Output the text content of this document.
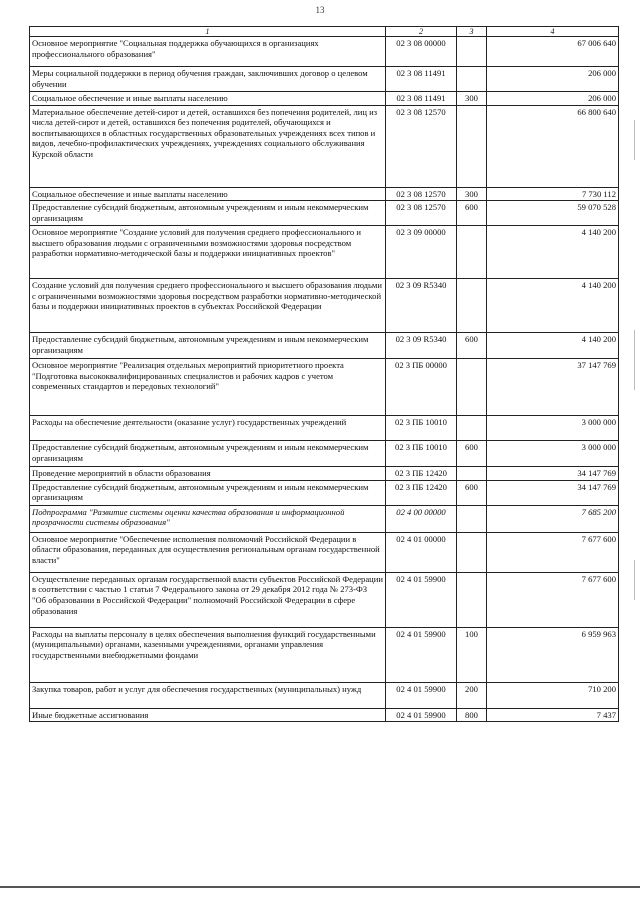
13
1	2	3	4
Основное мероприятие "Социальная поддержка обучающихся в организациях профессионального образования"	02 3 08 00000		67 006 640
Меры социальной поддержки в период обучения граждан, заключивших договор о целевом обучении	02 3 08 11491		206 000
Социальное обеспечение и иные выплаты населению	02 3 08 11491	300	206 000
Материальное обеспечение детей-сирот и детей, оставшихся без попечения родителей, лиц из числа детей-сирот и детей, оставшихся без попечения родителей, обучающихся и воспитывающихся в областных государственных образовательных учреждениях всех типов и видов, лечебно-профилактических учреждениях, учреждениях социального обслуживания Курской области	02 3 08 12570		66 800 640
Социальное обеспечение и иные выплаты населению	02 3 08 12570	300	7 730 112
Предоставление субсидий бюджетным, автономным учреждениям и иным некоммерческим организациям	02 3 08 12570	600	59 070 528
Основное мероприятие "Создание условий для получения среднего профессионального и высшего образования людьми с ограниченными возможностями здоровья посредством разработки нормативно-методической базы и поддержки инициативных проектов"	02 3 09 00000		4 140 200
Создание условий для получения среднего профессионального и высшего образования людьми с ограниченными возможностями здоровья посредством разработки нормативно-методической базы и поддержки инициативных проектов в субъектах Российской Федерации	02 3 09 R5340		4 140 200
Предоставление субсидий бюджетным, автономным учреждениям и иным некоммерческим организациям	02 3 09 R5340	600	4 140 200
Основное мероприятие "Реализация отдельных мероприятий приоритетного проекта "Подготовка высококвалифицированных специалистов и рабочих кадров с учетом современных стандартов и передовых технологий"	02 3 ПБ 00000		37 147 769
Расходы на обеспечение деятельности (оказание услуг) государственных учреждений	02 3 ПБ 10010		3 000 000
Предоставление субсидий бюджетным, автономным учреждениям и иным некоммерческим организациям	02 3 ПБ 10010	600	3 000 000
Проведение мероприятий в области образования	02 3 ПБ 12420		34 147 769
Предоставление субсидий бюджетным, автономным учреждениям и иным некоммерческим организациям	02 3 ПБ 12420	600	34 147 769
Подпрограмма "Развитие системы оценки качества образования и информационной прозрачности системы образования"	02 4 00 00000		7 685 200
Основное мероприятие "Обеспечение исполнения полномочий Российской Федерации в области образования, переданных для осуществления региональным органам государственной власти"	02 4 01 00000		7 677 600
Осуществление переданных органам государственной власти субъектов Российской Федерации в соответствии с частью 1 статьи 7 Федерального закона от 29 декабря 2012 года № 273-ФЗ "Об образовании в Российской Федерации" полномочий Российской Федерации в сфере образования	02 4 01 59900		7 677 600
Расходы на выплаты персоналу в целях обеспечения выполнения функций государственными (муниципальными) органами, казенными учреждениями, органами управления государственными внебюджетными фондами	02 4 01 59900	100	6 959 963
Закупка товаров, работ и услуг для обеспечения государственных (муниципальных) нужд	02 4 01 59900	200	710 200
Иные бюджетные ассигнования	02 4 01 59900	800	7 437
